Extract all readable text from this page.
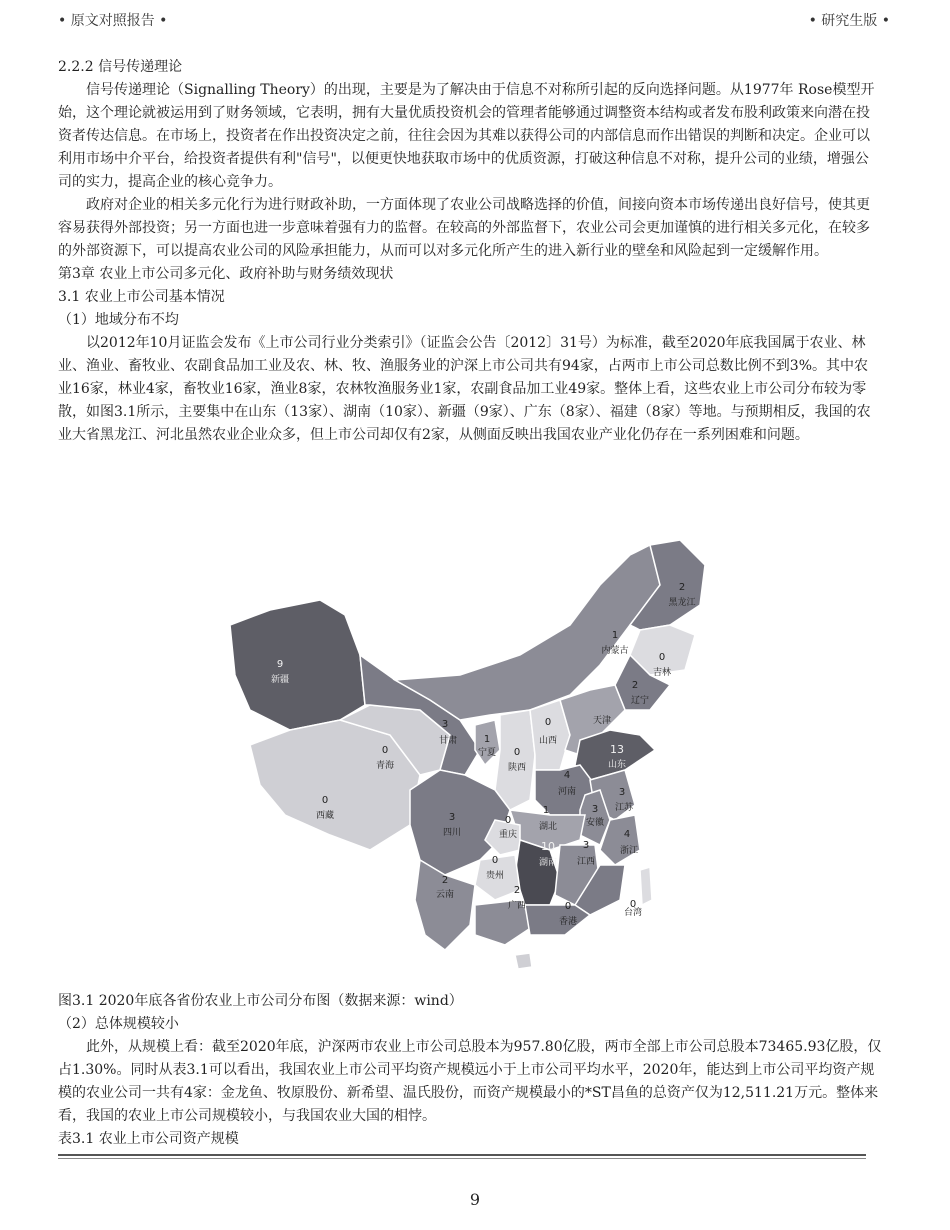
• 原文对照报告 •	• 研究生版 •

2.2.2 信号传递理论

信号传递理论（Signalling Theory）的出现，主要是为了解决由于信息不对称所引起的反向选择问题。从1977年 Rose模型开始，这个理论就被运用到了财务领域，它表明，拥有大量优质投资机会的管理者能够通过调整资本结构或者发布股利政策来向潜在投资者传达信息。在市场上，投资者在作出投资决定之前，往往会因为其难以获得公司的内部信息而作出错误的判断和决定。企业可以利用市场中介平台，给投资者提供有利"信号"，以便更快地获取市场中的优质资源，打破这种信息不对称，提升公司的业绩，增强公司的实力，提高企业的核心竞争力。

政府对企业的相关多元化行为进行财政补助，一方面体现了农业公司战略选择的价值，间接向资本市场传递出良好信号，使其更容易获得外部投资；另一方面也进一步意味着强有力的监督。在较高的外部监督下，农业公司会更加谨慎的进行相关多元化，在较多的外部资源下，可以提高农业公司的风险承担能力，从而可以对多元化所产生的进入新行业的壁垒和风险起到一定缓解作用。

第3章 农业上市公司多元化、政府补助与财务绩效现状

3.1 农业上市公司基本情况

（1）地域分布不均

以2012年10月证监会发布《上市公司行业分类索引》（证监会公告〔2012〕31号）为标准，截至2020年底我国属于农业、林业、渔业、畜牧业、农副食品加工业及农、林、牧、渔服务业的沪深上市公司共有94家，占两市上市公司总数比例不到3%。其中农业16家，林业4家，畜牧业16家，渔业8家，农林牧渔服务业1家，农副食品加工业49家。整体上看，这些农业上市公司分布较为零散，如图3.1所示，主要集中在山东（13家）、湖南（10家）、新疆（9家）、广东（8家）、福建（8家）等地。与预期相反，我国的农业大省黑龙江、河北虽然农业企业众多，但上市公司却仅有2家，从侧面反映出我国农业产业化仍存在一系列困难和问题。

2
黑龙江
1
内蒙古
0
吉林
2
辽宁
9
新疆
3
甘肃	1
宁夏
0
山西
0
陕西
0
青海
0
西藏
13
山东
4
河南	3
江苏
3
安徽
1
湖北
3
四川
0
重庆
10
湖南
4
浙江
3
江西
0
贵州
2
云南	2
广西	0
香港
0
台湾
天津

图3.1 2020年底各省份农业上市公司分布图（数据来源：wind）

（2）总体规模较小

此外，从规模上看：截至2020年底，沪深两市农业上市公司总股本为957.80亿股，两市全部上市公司总股本73465.93亿股，仅占1.30%。同时从表3.1可以看出，我国农业上市公司平均资产规模远小于上市公司平均水平，2020年，能达到上市公司平均资产规模的农业公司一共有4家：金龙鱼、牧原股份、新希望、温氏股份，而资产规模最小的*ST昌鱼的总资产仅为12,511.21万元。整体来看，我国的农业上市公司规模较小，与我国农业大国的相悖。

表3.1 农业上市公司资产规模

9
